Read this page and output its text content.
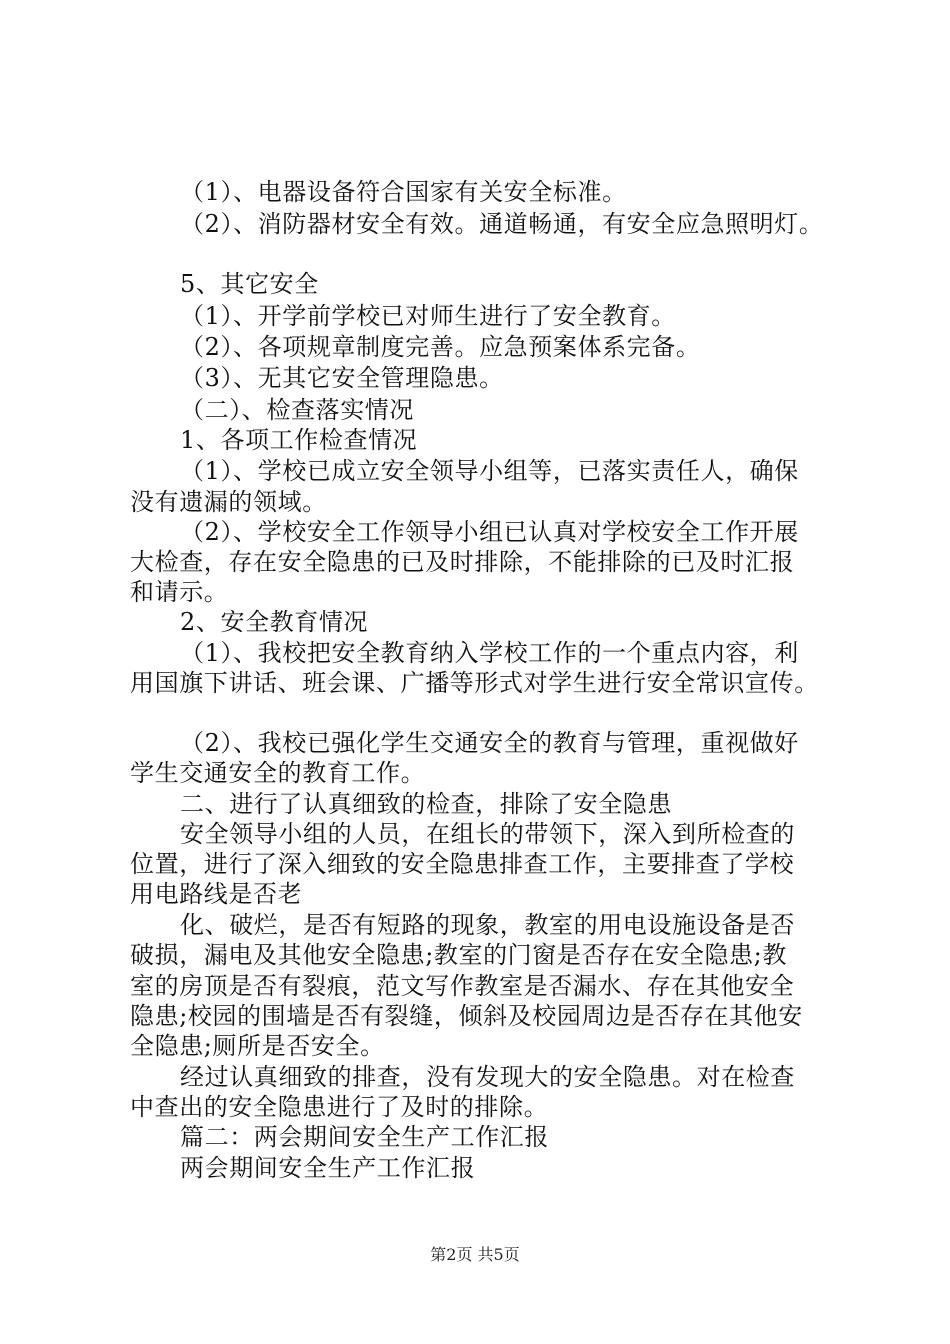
（1）、电器设备符合国家有关安全标准。
（2）、消防器材安全有效。通道畅通，有安全应急照明灯。
5、其它安全
（1）、开学前学校已对师生进行了安全教育。
（2）、各项规章制度完善。应急预案体系完备。
（3）、无其它安全管理隐患。
（二）、检查落实情况
1、各项工作检查情况
（1）、学校已成立安全领导小组等，已落实责任人，确保
没有遗漏的领域。
（2）、学校安全工作领导小组已认真对学校安全工作开展
大检查，存在安全隐患的已及时排除，不能排除的已及时汇报
和请示。
2、安全教育情况
（1）、我校把安全教育纳入学校工作的一个重点内容，利
用国旗下讲话、班会课、广播等形式对学生进行安全常识宣传。
（2）、我校已强化学生交通安全的教育与管理，重视做好
学生交通安全的教育工作。
二、进行了认真细致的检查，排除了安全隐患
安全领导小组的人员，在组长的带领下，深入到所检查的
位置，进行了深入细致的安全隐患排查工作，主要排查了学校
用电路线是否老
化、破烂，是否有短路的现象，教室的用电设施设备是否
破损，漏电及其他安全隐患;教室的门窗是否存在安全隐患;教
室的房顶是否有裂痕，范文写作教室是否漏水、存在其他安全
隐患;校园的围墙是否有裂缝，倾斜及校园周边是否存在其他安
全隐患;厕所是否安全。
经过认真细致的排查，没有发现大的安全隐患。对在检查
中查出的安全隐患进行了及时的排除。
篇二：两会期间安全生产工作汇报
两会期间安全生产工作汇报
第2页 共5页
